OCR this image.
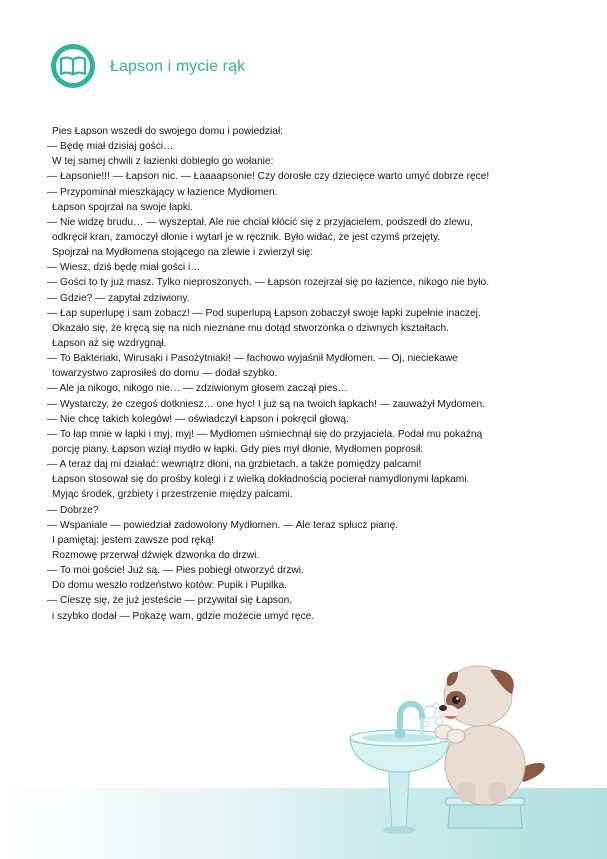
Łapson i mycie rąk
Pies Łapson wszedł do swojego domu i powiedział:
— Będę miał dzisiaj gości…
W tej samej chwili z łazienki dobiegło go wołanie:
— Łapsonie!!! — Łapson nic. — Łaaaapsonie! Czy dorosłe czy dziecięce warto umyć dobrze ręce!
— Przypominał mieszkający w łazience Mydłomen.
Łapson spojrzał na swoje łapki.
— Nie widzę brudu… — wyszeptał. Ale nie chciał kłócić się z przyjacielem, podszedł do zlewu,
odkręcił kran, zamoczył dłonie i wytarł je w ręcznik. Było widać, że jest czymś przejęty.
Spojrzał na Mydłomena stojącego na zlewie i zwierzył się:
— Wiesz, dziś będę miał gości i…
— Gości to ty już masz. Tylko nieproszonych. — Łapson rozejrzał się po łazience, nikogo nie było.
— Gdzie? — zapytał zdziwiony.
— Łap superlupę i sam zobacz! — Pod superlupą Łapson zobaczył swoje łapki zupełnie inaczej.
Okazało się, że kręcą się na nich nieznane mu dotąd stworzonka o dziwnych kształtach.
Łapson aż się wzdrygnął.
— To Bakteriaki, Wirusaki i Pasożytniaki! — fachowo wyjaśnił Mydłomen. — Oj, nieciekawe
towarzystwo zaprosiłeś do domu — dodał szybko.
— Ale ja nikogo, nikogo nie… — zdziwionym głosem zaczął pies…
— Wystarczy, że czegoś dotkniesz… one hyc! I już są na twoich łapkach! — zauważył Mydomen.
— Nie chcę takich kolegów! — oświadczył Łapson i pokręcił głową.
— To łap mnie w łapki i myj, myj! — Mydłomen uśmiechnął się do przyjaciela. Podał mu pokaźną
porcję piany. Łapson wziął mydło w łapki. Gdy pies mył dłonie, Mydłomen poprosił:
— A teraz daj mi działać: wewnątrz dłoni, na grzbietach, a także pomiędzy palcami!
Łapson stosował się do prośby kolegi i z wielką dokładnością pocierał namydlonymi łapkami.
Myjąc środek, grzbiety i przestrzenie między palcami.
— Dobrze?
— Wspaniale — powiedział zadowolony Mydłomen. — Ale teraz spłucz pianę.
I pamiętaj: jestem zawsze pod ręką!
Rozmowę przerwał dźwięk dzwonka do drzwi.
— To moi goście! Już są. — Pies pobiegł otworzyć drzwi.
Do domu weszło rodzeństwo kotów: Pupik i Pupilka.
— Cieszę się, że już jesteście — przywitał się Łapson,
i szybko dodał — Pokażę wam, gdzie możecie umyć ręce.
